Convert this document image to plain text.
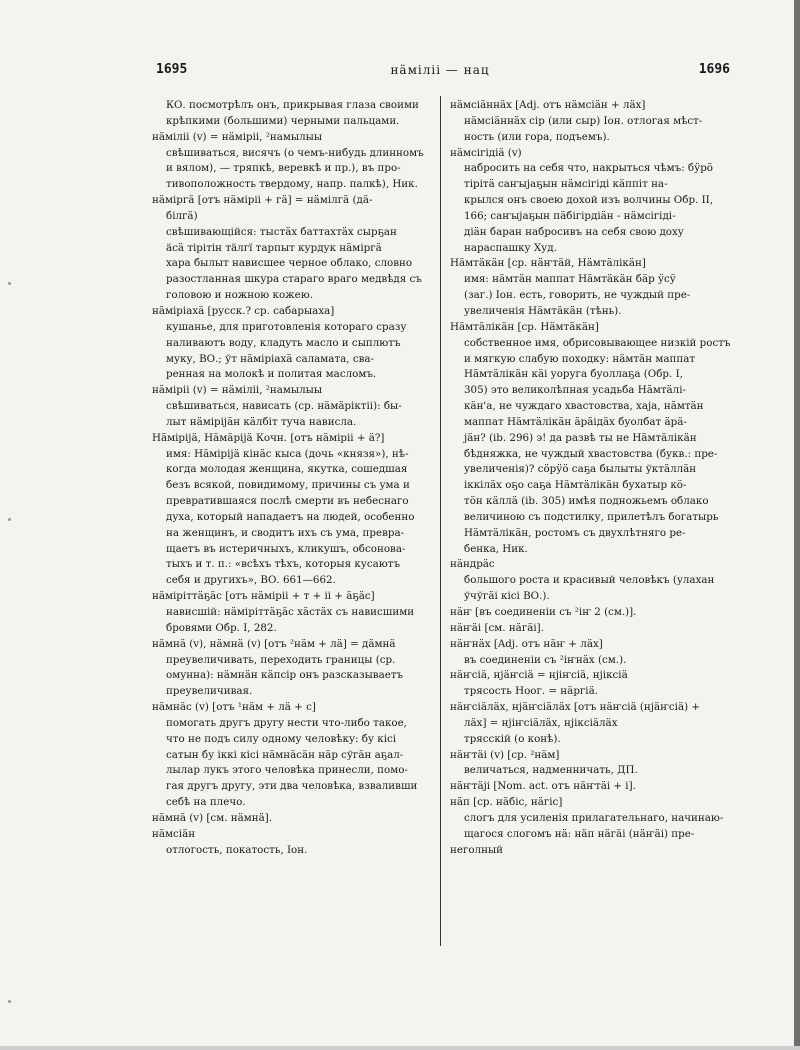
1695	нӓмiлii — нац	1696
КО. посмотрѣлъ онъ, прикрывая глаза своими
крѣпкими (большими) черными пальцами.
нӓмiлii (v) = нӓмiрii, ²намылыы
свѣшиваться, висячъ (о чемъ-нибудь длинномъ
и вялом), — тряпкѣ, веревкѣ и пр.), въ про-
тивоположность твердому, напр. палкѣ), Ник.
нӓмiргӓ [отъ нӓмiрii + гӓ] = нӓмiлгӓ (дӓ-
бiлгӓ)
свѣшивающiйся: тыстӓх баттахтӓх сырҕан
äсӓ тiрiтiн тäлгï тарпыт курдук нӓмiргӓ
хара былыт нависшее черное облако, словно
разостланная шкура стараго враго медвѣдя съ
головою и ножною кожею.
нӓмiрiахӓ [русск.? ср. сабарыаха]
кушанье, для приготовленiя котораго сразу
наливаютъ воду, кладуть масло и сыплютъ
муку, ВО.; ўт нӓмiрiахӓ саламата, сва-
ренная на молокѣ и политая масломъ.
нӓмiрii (v) = нӓмiлii, ²намылыы
свѣшиваться, нависать (ср. нӓмӓрiктii): бы-
лыт нӓмiрiјӓн кӓлбiт туча нависла.
Нӓмiрiјӓ, Нӓмӓрiјӓ Кочн. [отъ нӓмiрii + ӓ?]
имя: Нӓмiрiјӓ кiнӓс кыса (дочь «князя»), нѣ-
когда молодая женщина, якутка, сошедшая
безъ всякой, повидимому, причины съ ума и
превратившаяся послѣ смерти въ небеснаго
духа, который нападаетъ на людей, особенно
на женщинъ, и сводитъ ихъ съ ума, превра-
щаетъ въ истеричныхъ, кликушъ, обсонова-
тыхъ и т. п.: «всѣхъ тѣхъ, которыя кусаютъ
себя и другихъ», ВО. 661—662.
нӓмiрiттӓҕӓс [отъ нӓмiрii + т + ii + ӓҕӓс]
нависшiй: нӓмiрiттӓҕӓс хӓстӓх съ нависшими
бровями Обр. I, 282.
нӓмнӓ (v), нӓмнӓ (v) [отъ ²нӓм + лӓ] = дӓмнӓ
преувеличивать, переходить границы (ср.
омунна): нӓмнӓн кӓпсiр онъ разсказываетъ
преувеличивая.
нӓмнӓс (v) [отъ ¹нӓм + лӓ + с]
помогать другъ другу нести что-либо такое,
что не подъ силу одному человѣку: бу кiсi
сатын бу iккi кiсi нӓмнӓсӓн нӓр сўгӓн аҕал-
лылар лукъ этого человѣка принесли, помо-
гая другъ другу, эти два человѣка, взваливши
себѣ на плечо.
нӓмнӓ (v) [см. нӓмнӓ].
нӓмсiӓн
отлогость, покатость, Іон.
нӓмсiӓннӓх [Adj. отъ нӓмсiӓн + лӓх]
нӓмсiӓннӓх сiр (или сыр) Іон. отлогая мѣст-
ность (или гора, подъемъ).
нӓмсiгiдiӓ (v)
набросить на себя что, накрыться чѣмъ: бӱрӧ
тiрiтӓ саҥыјаҕын нӓмсiгiдi кӓппiт на-
крылся онъ своею дохой изъ волчины Обр. II,
166; саҥыјаҕын пӓбiгiрдiӓн - нӓмсiгiдi-
дiӓн баран набросивъ на себя свою доху
нараспашку Худ.
Нӓмтӓкӓн [ср. нӓҥтӓй, Нӓмтӓлiкӓн]
имя: нӓмтӓн маппат Нӓмтӓкӓн бӓр ӱсӱ
(заг.) Іон. есть, говорить, не чуждый пре-
увеличенiя Нӓмтӓкӓн (тѣнь).
Нӓмтӓлiкӓн [ср. Нӓмтӓкӓн]
собственное имя, обрисовывающее низкiй ростъ
и мягкую слабую походку: нӓмтӓн маппат
Нӓмтӓлiкӓн кӓi уоруга буоллаҕа (Обр. I,
305) это великолѣпная усадьба Нӓмтӓлi-
кӓн'а, не чуждаго хвастовства, хаја, нӓмтӓн
маппат Нӓмтӓлiкӓн ӓрӓiдӓх буолбат ӓрӓ-
јӓн? (ib. 296) э! да развѣ ты не Нӓмтӓлiкӓн
бѣдняжка, не чуждый хвастовства (букв.: пре-
увеличенiя)? сӧрӱӧ саҕа былыты ўктӓллӓн
iккiлӓх оҕо саҕа Нӓмтӓлiкӓн бухатыр кӧ-
тӧн кӓллӓ (ib. 305) имѣя подножьемъ облако
величиною съ подстилку, прилетѣлъ богатырь
Нӓмтӓлiкӓн, ростомъ съ двухлѣтняго ре-
бенка, Ник.
нӓндрӓс
большого роста и красивый человѣкъ (улахан
ўчўгӓi кiсi ВО.).
нӓҥ [въ соединенiи съ ²iҥ 2 (см.)].
нӓҥӓi [см. нӓгӓi].
нӓҥнӓх [Adj. отъ нӓҥ + лӓх]
въ соединенiи съ ²iҥнӓх (см.).
нӓҥсiӓ, нјӓҥсiӓ = нјiҥсiӓ, нјiксiӓ
трясость Ноог. = нӓргiӓ.
нӓҥсiӓлӓх, нјӓҥсiӓлӓх [отъ нӓҥсiӓ (нјӓҥсiӓ) +
лӓх] = нјiҥсiӓлӓх, нјiксiӓлӓх
трясскiй (о конѣ).
нӓҥтӓi (v) [ср. ²нӓм]
величаться, надменничать, ДП.
нӓҥтӓјi [Nom. act. отъ нӓҥтӓi + i].
нӓп [ср. нӓбiс, нӓгiс]
слогъ для усиленiя прилагательнаго, начинаю-
щагося слогомъ нӓ: нӓп нӓгӓi (нӓҥӓi) пре-
неголный
